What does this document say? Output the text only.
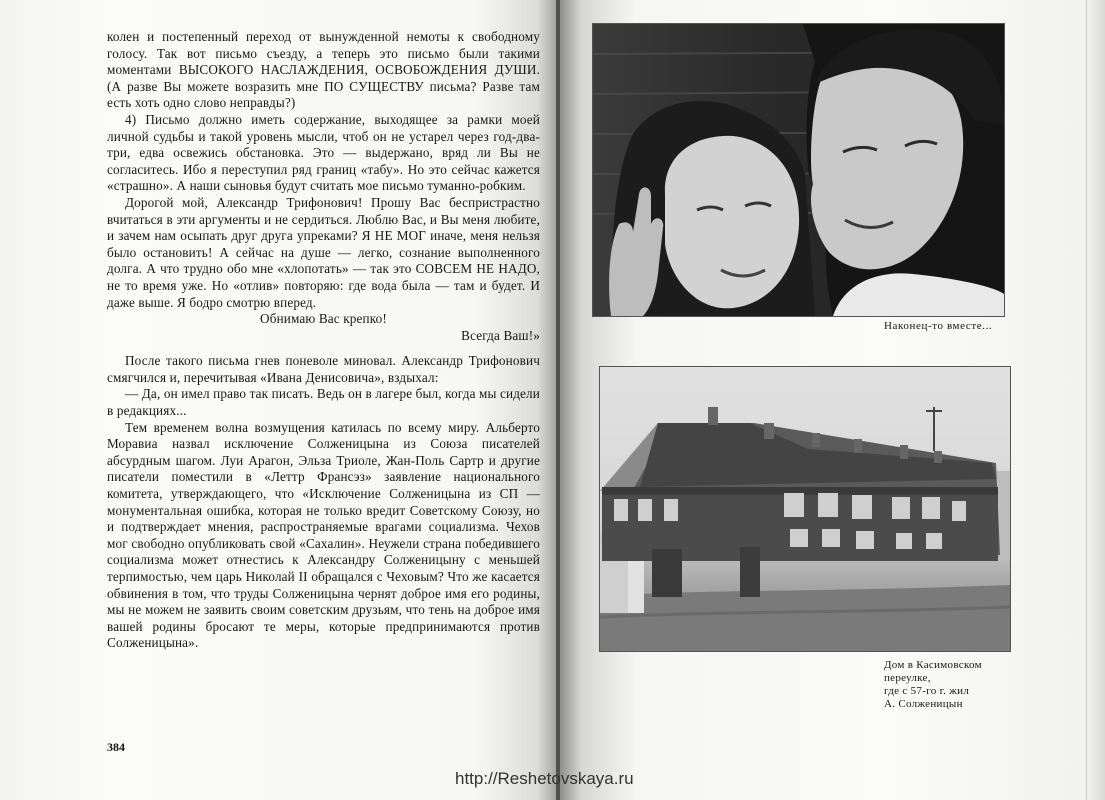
колен и постепенный переход от вынужденной немоты к свободному голосу. Так вот письмо съезду, а теперь это письмо были такими моментами ВЫСОКОГО НАСЛАЖДЕНИЯ, ОСВОБОЖДЕНИЯ ДУШИ. (А разве Вы можете возразить мне ПО СУЩЕСТВУ письма? Разве там есть хоть одно слово неправды?)

4) Письмо должно иметь содержание, выходящее за рамки моей личной судьбы и такой уровень мысли, чтоб он не устарел через год-два-три, едва освежись обстановка. Это — выдержано, вряд ли Вы не согласитесь. Ибо я переступил ряд границ «табу». Но это сейчас кажется «страшно». А наши сыновья будут считать мое письмо туманно-робким.

Дорогой мой, Александр Трифонович! Прошу Вас беспристрастно вчитаться в эти аргументы и не сердиться. Люблю Вас, и Вы меня любите, и зачем нам осыпать друг друга упреками? Я НЕ МОГ иначе, меня нельзя было остановить! А сейчас на душе — легко, сознание выполненного долга. А что трудно обо мне «хлопотать» — так это СОВСЕМ НЕ НАДО, не то время уже. Но «отлив» повторяю: где вода была — там и будет. И даже выше. Я бодро смотрю вперед.

Обнимаю Вас крепко!

Всегда Ваш!»

После такого письма гнев поневоле миновал. Александр Трифонович смягчился и, перечитывая «Ивана Денисовича», вздыхал:

— Да, он имел право так писать. Ведь он в лагере был, когда мы сидели в редакциях...

Тем временем волна возмущения катилась по всему миру. Альберто Моравиа назвал исключение Солженицына из Союза писателей абсурдным шагом. Луи Арагон, Эльза Триоле, Жан-Поль Сартр и другие писатели поместили в «Леттр Франсэз» заявление национального комитета, утверждающего, что «Исключение Солженицына из СП — монументальная ошибка, которая не только вредит Советскому Союзу, но и подтверждает мнения, распространяемые врагами социализма. Чехов мог свободно опубликовать свой «Сахалин». Неужели страна победившего социализма может отнестись к Александру Солженицыну с меньшей терпимостью, чем царь Николай II обращался с Чеховым? Что же касается обвинения в том, что труды Солженицына чернят доброе имя его родины, мы не можем не заявить своим советским друзьям, что тень на доброе имя вашей родины бросают те меры, которые предпринимаются против Солженицына».

384
Наконец-то вместе...
Дом в Касимовском
переулке,
где с 57-го г. жил
А. Солженицын
http://Reshetovskaya.ru
